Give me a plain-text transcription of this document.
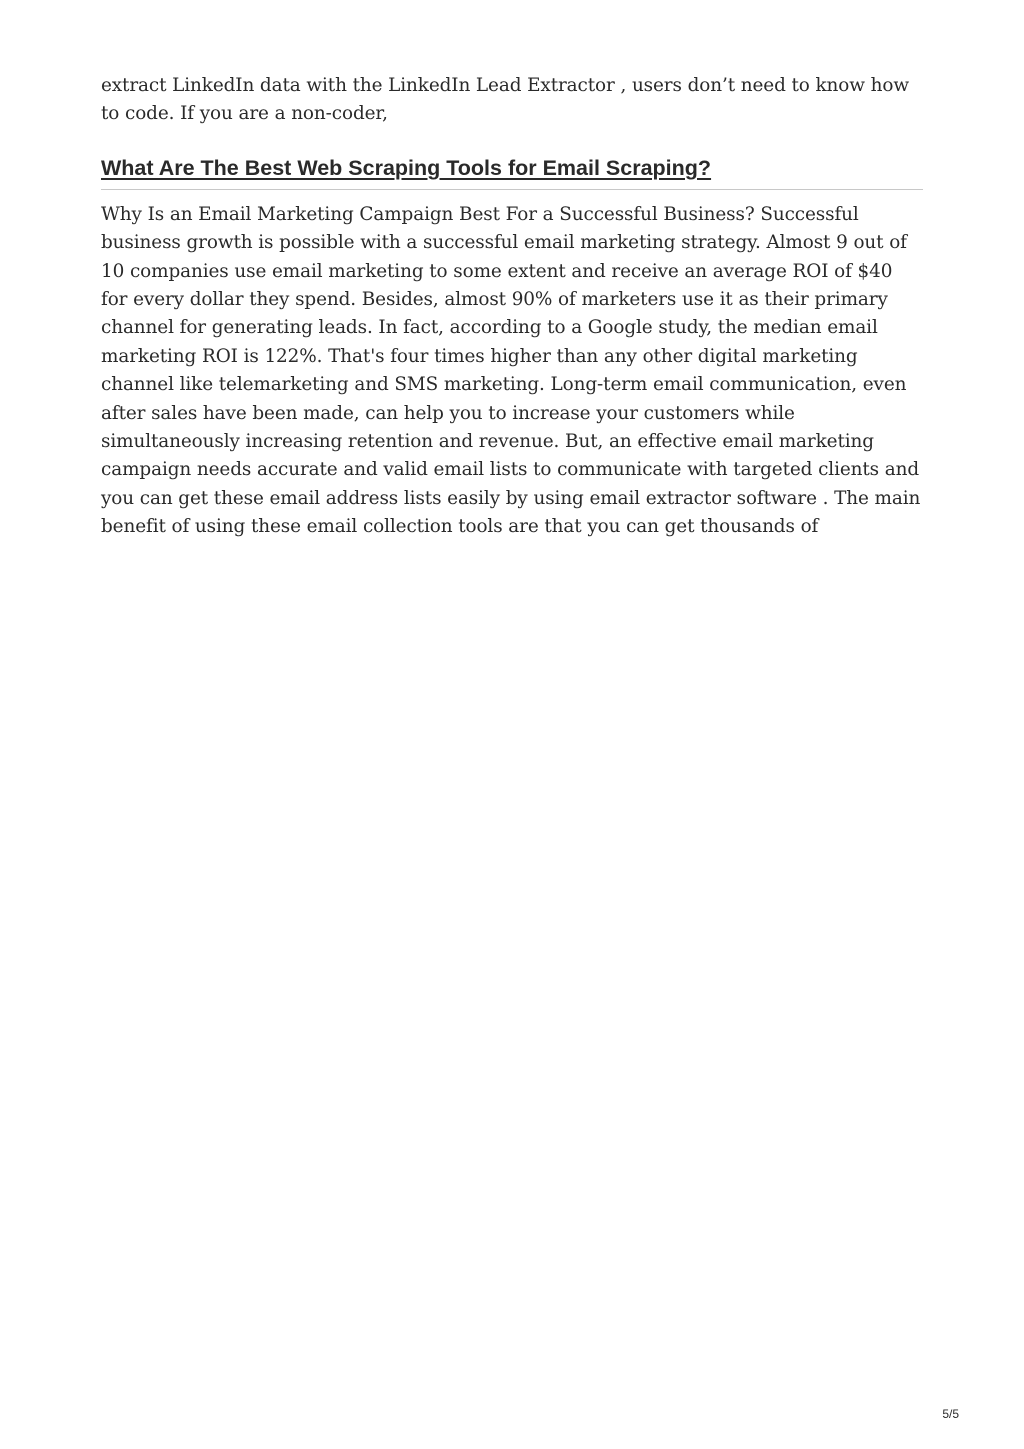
extract LinkedIn data with the LinkedIn Lead Extractor , users don’t need to know how to code. If you are a non-coder,

What Are The Best Web Scraping Tools for Email Scraping?

Why Is an Email Marketing Campaign Best For a Successful Business? Successful business growth is possible with a successful email marketing strategy. Almost 9 out of 10 companies use email marketing to some extent and receive an average ROI of $40 for every dollar they spend. Besides, almost 90% of marketers use it as their primary channel for generating leads. In fact, according to a Google study, the median email marketing ROI is 122%. That's four times higher than any other digital marketing channel like telemarketing and SMS marketing. Long-term email communication, even after sales have been made, can help you to increase your customers while simultaneously increasing retention and revenue. But, an effective email marketing campaign needs accurate and valid email lists to communicate with targeted clients and you can get these email address lists easily by using email extractor software . The main benefit of using these email collection tools are that you can get thousands of

5/5
